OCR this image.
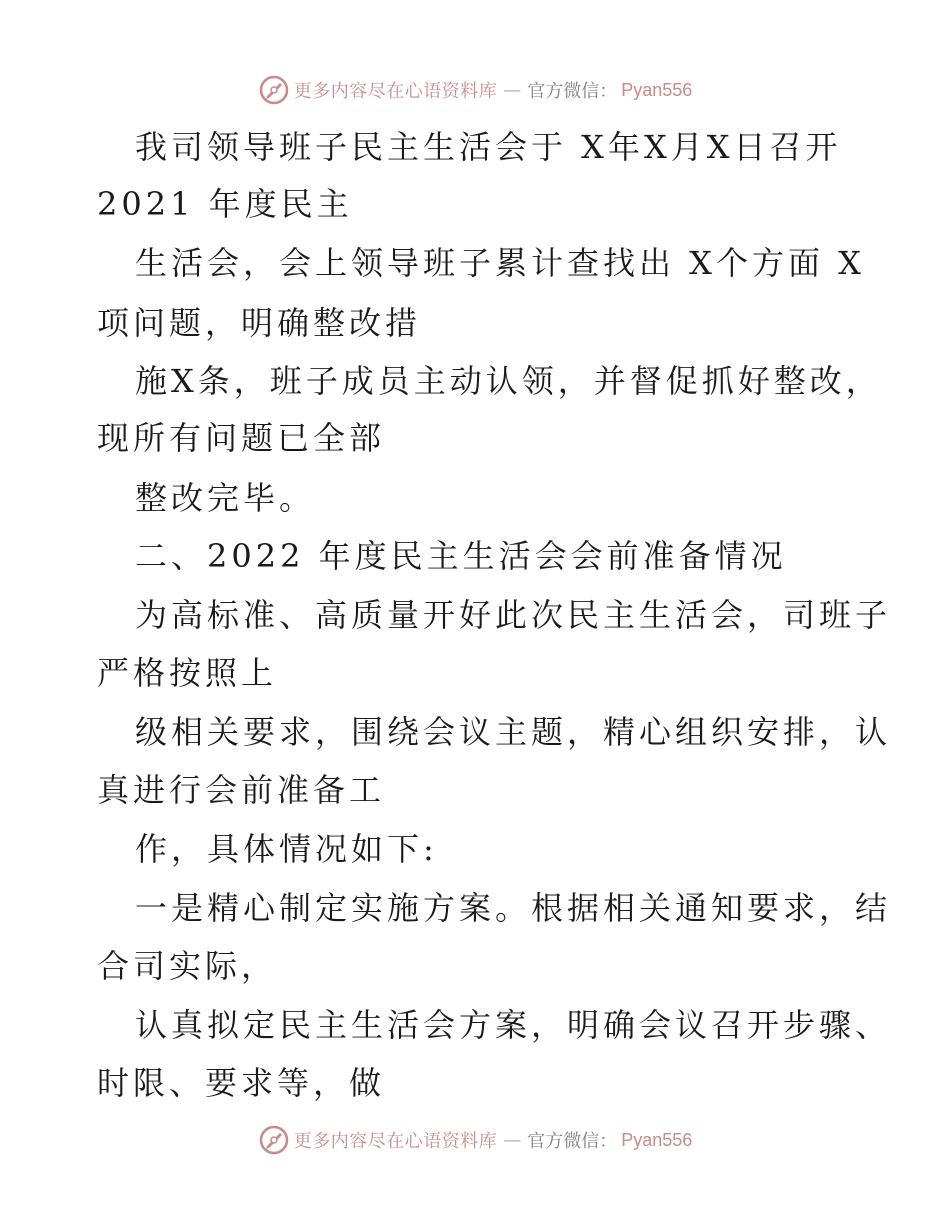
更多内容尽在心语资料库 — 官方微信： Pyan556
我司领导班子民主生活会于 X年X月X日召开
2021 年度民主
生活会，会上领导班子累计查找出 X个方面 X
项问题，明确整改措
施X条，班子成员主动认领，并督促抓好整改，
现所有问题已全部
整改完毕。
二、2022 年度民主生活会会前准备情况
为高标准、高质量开好此次民主生活会，司班子
严格按照上
级相关要求，围绕会议主题，精心组织安排，认
真进行会前准备工
作，具体情况如下:
一是精心制定实施方案。根据相关通知要求，结
合司实际，
认真拟定民主生活会方案，明确会议召开步骤、
时限、要求等，做
更多内容尽在心语资料库 — 官方微信： Pyan556
